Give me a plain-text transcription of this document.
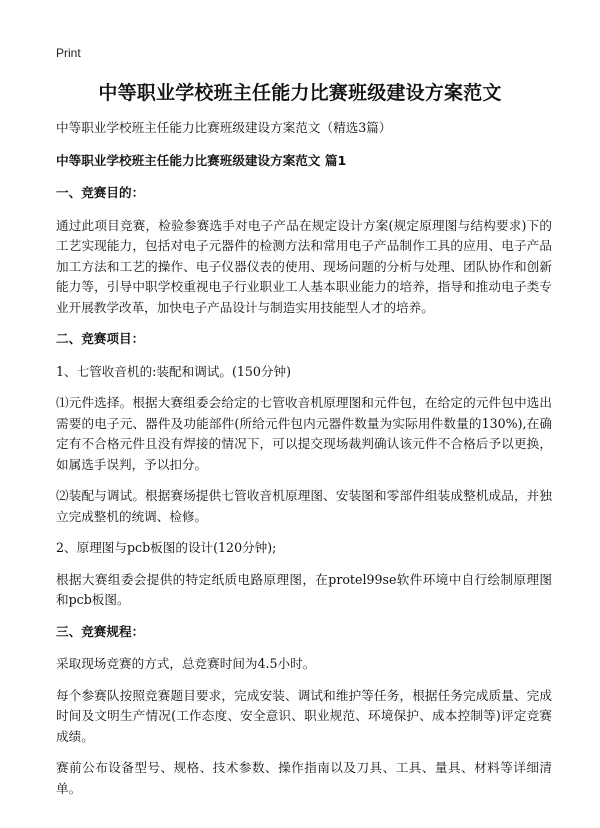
Print
中等职业学校班主任能力比赛班级建设方案范文

中等职业学校班主任能力比赛班级建设方案范文（精选3篇）

中等职业学校班主任能力比赛班级建设方案范文 篇1

一、竞赛目的：

通过此项目竞赛，检验参赛选手对电子产品在规定设计方案(规定原理图与结构要求)下的工艺实现能力，包括对电子元器件的检测方法和常用电子产品制作工具的应用、电子产品加工方法和工艺的操作、电子仪器仪表的使用、现场问题的分析与处理、团队协作和创新能力等，引导中职学校重视电子行业职业工人基本职业能力的培养，指导和推动电子类专业开展教学改革，加快电子产品设计与制造实用技能型人才的培养。

二、竞赛项目：

1、七管收音机的:装配和调试。(150分钟)

⑴元件选择。根据大赛组委会给定的七管收音机原理图和元件包，在给定的元件包中选出需要的电子元、器件及功能部件(所给元件包内元器件数量为实际用件数量的130%),在确定有不合格元件且没有焊接的情况下，可以提交现场裁判确认该元件不合格后予以更换，如属选手误判，予以扣分。

⑵装配与调试。根据赛场提供七管收音机原理图、安装图和零部件组装成整机成品，并独立完成整机的统调、检修。

2、原理图与pcb板图的设计(120分钟);

根据大赛组委会提供的特定纸质电路原理图，在protel99se软件环境中自行绘制原理图和pcb板图。

三、竞赛规程：

采取现场竞赛的方式，总竞赛时间为4.5小时。

每个参赛队按照竞赛题目要求，完成安装、调试和维护等任务，根据任务完成质量、完成时间及文明生产情况(工作态度、安全意识、职业规范、环境保护、成本控制等)评定竞赛成绩。

赛前公布设备型号、规格、技术参数、操作指南以及刀具、工具、量具、材料等详细清单。
